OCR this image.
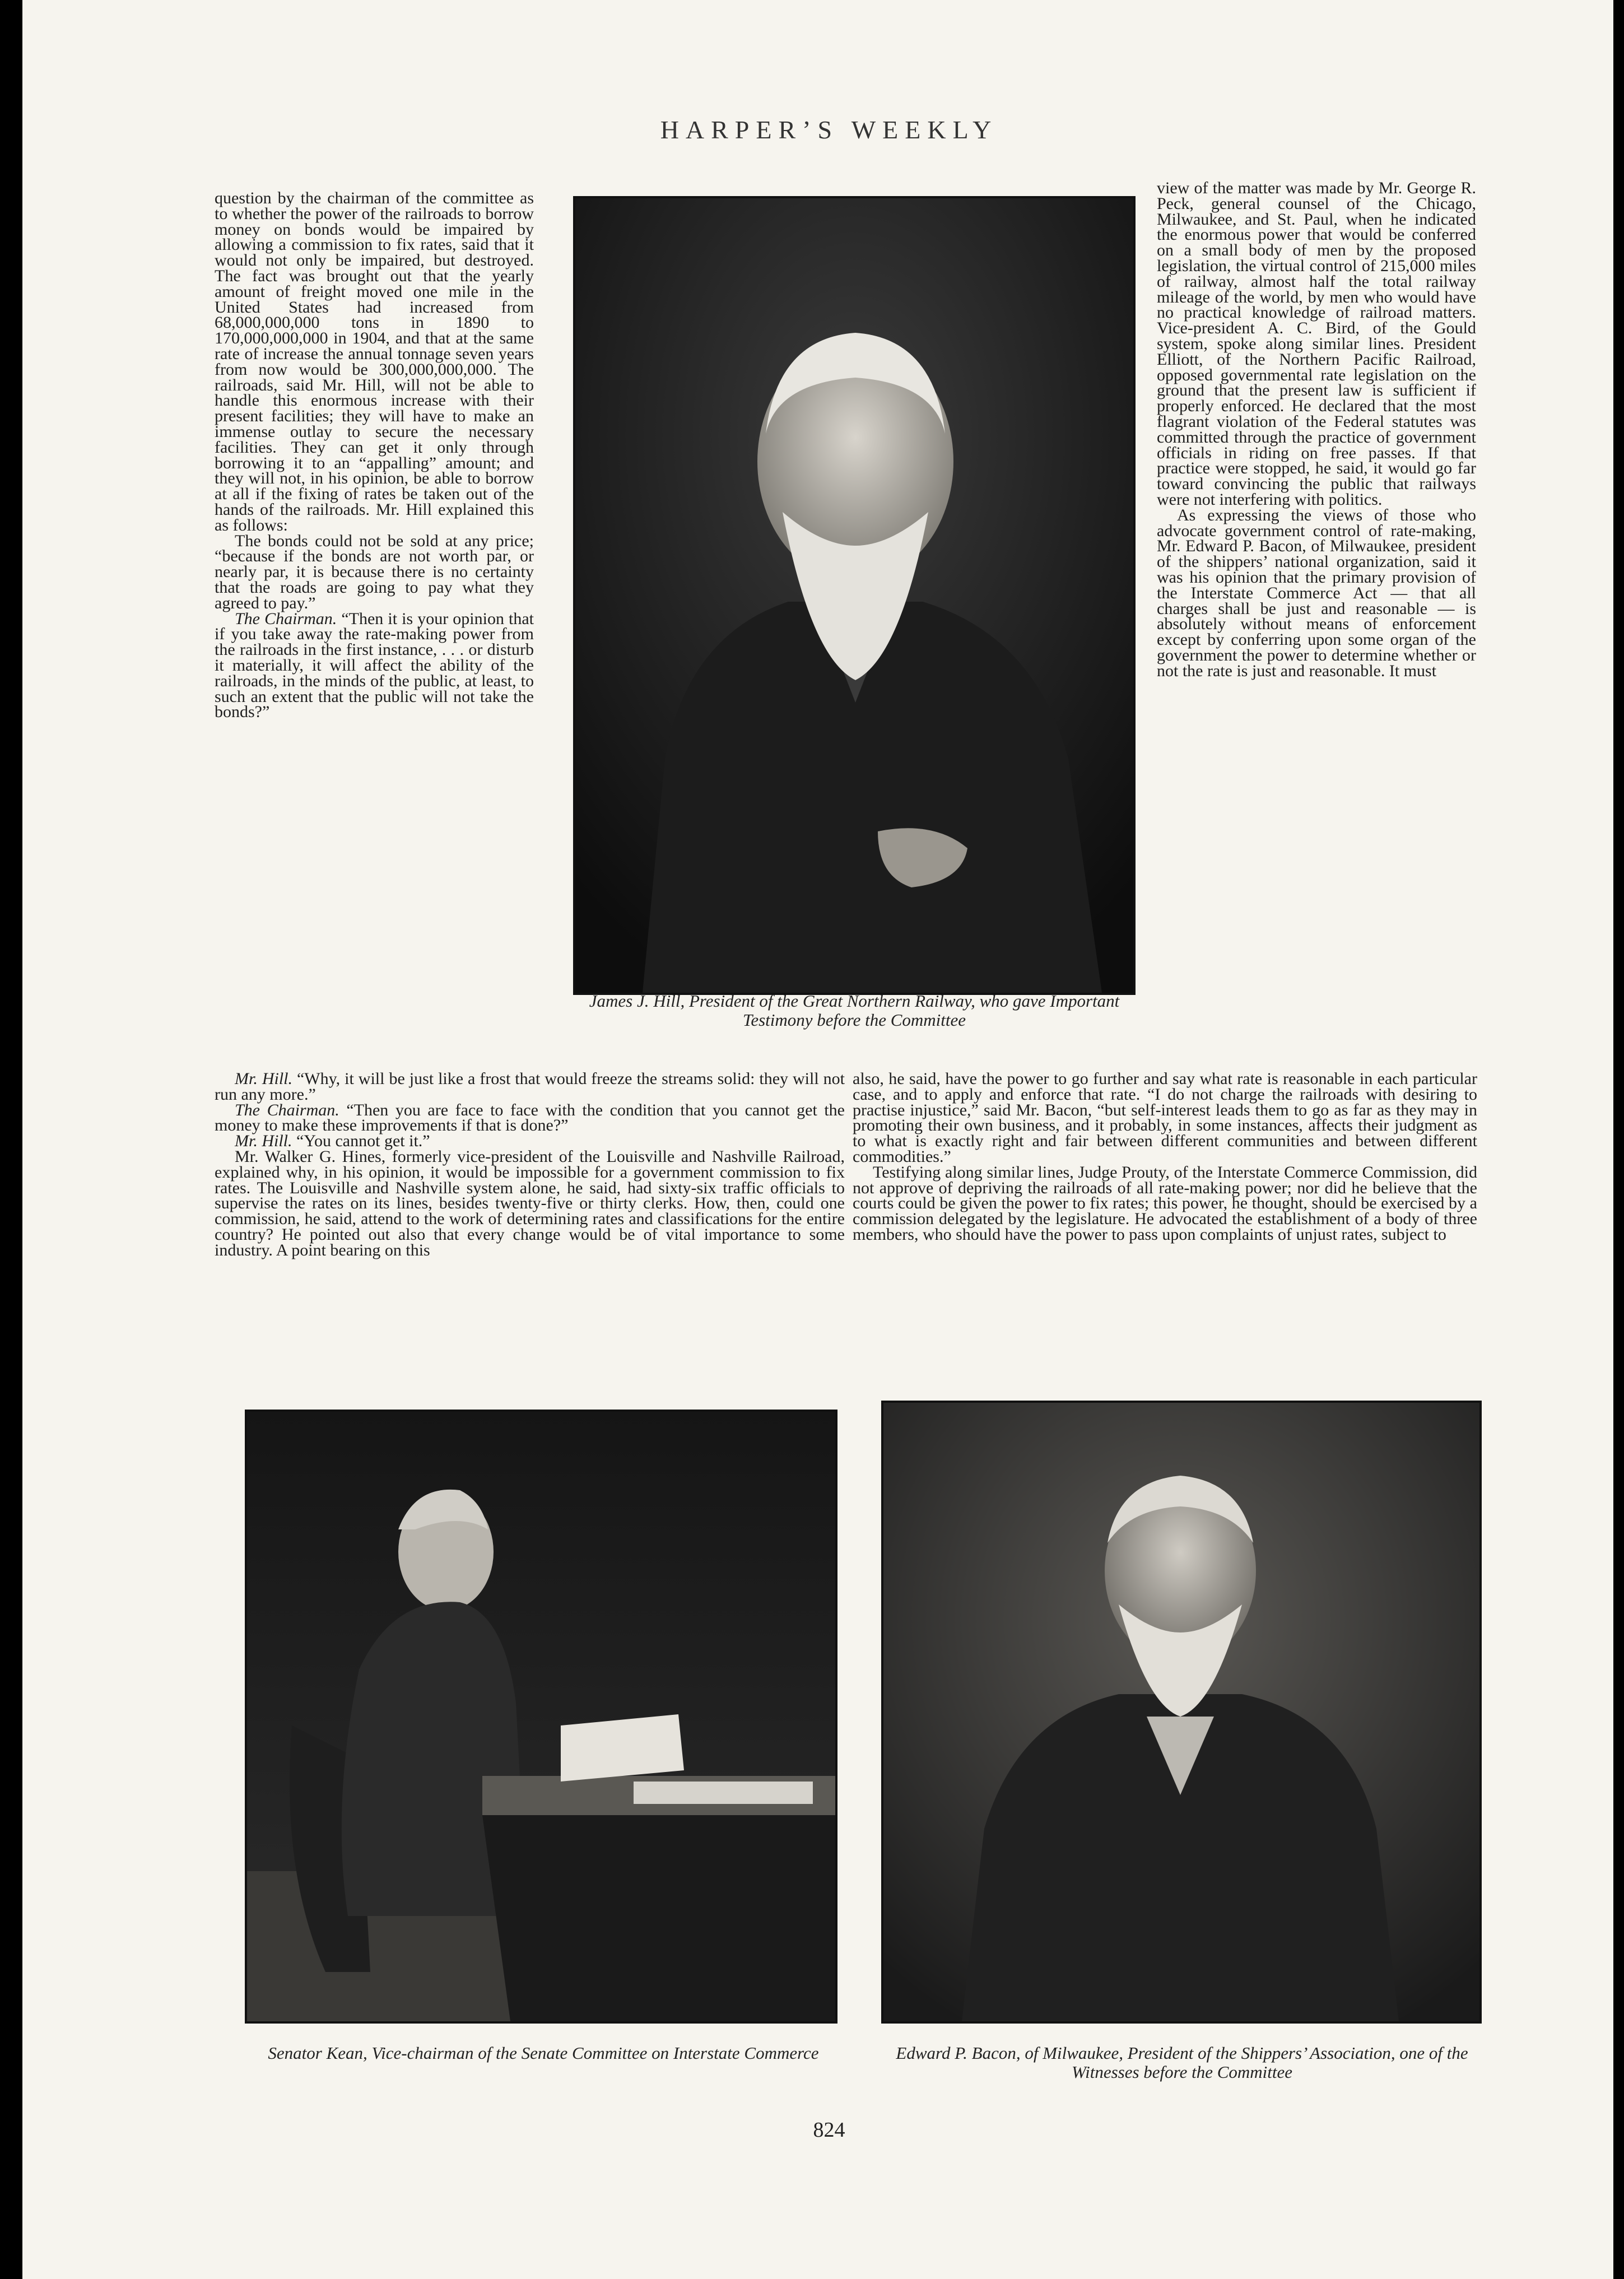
HARPER’S WEEKLY

question by the chairman of the committee as to whether the power of the railroads to borrow money on bonds would be impaired by allowing a commission to fix rates, said that it would not only be impaired, but destroyed. The fact was brought out that the yearly amount of freight moved one mile in the United States had increased from 68,000,000,000 tons in 1890 to 170,000,000,000 in 1904, and that at the same rate of increase the annual tonnage seven years from now would be 300,000,000,000. The railroads, said Mr. Hill, will not be able to handle this enormous increase with their present facilities; they will have to make an immense outlay to secure the necessary facilities. They can get it only through borrowing it to an “appalling” amount; and they will not, in his opinion, be able to borrow at all if the fixing of rates be taken out of the hands of the railroads. Mr. Hill explained this as follows:

The bonds could not be sold at any price; “because if the bonds are not worth par, or nearly par, it is because there is no certainty that the roads are going to pay what they agreed to pay.”

The Chairman. “Then it is your opinion that if you take away the rate-making power from the railroads in the first instance, . . . or disturb it materially, it will affect the ability of the railroads, in the minds of the public, at least, to such an extent that the public will not take the bonds?”

view of the matter was made by Mr. George R. Peck, general counsel of the Chicago, Milwaukee, and St. Paul, when he indicated the enormous power that would be conferred on a small body of men by the proposed legislation, the virtual control of 215,000 miles of railway, almost half the total railway mileage of the world, by men who would have no practical knowledge of railroad matters. Vice-president A. C. Bird, of the Gould system, spoke along similar lines. President Elliott, of the Northern Pacific Railroad, opposed governmental rate legislation on the ground that the present law is sufficient if properly enforced. He declared that the most flagrant violation of the Federal statutes was committed through the practice of government officials in riding on free passes. If that practice were stopped, he said, it would go far toward convincing the public that railways were not interfering with politics.

As expressing the views of those who advocate government control of rate-making, Mr. Edward P. Bacon, of Milwaukee, president of the shippers’ national organization, said it was his opinion that the primary provision of the Interstate Commerce Act — that all charges shall be just and reasonable — is absolutely without means of enforcement except by conferring upon some organ of the government the power to determine whether or not the rate is just and reasonable. It must

Mr. Hill. “Why, it will be just like a frost that would freeze the streams solid: they will not run any more.”

The Chairman. “Then you are face to face with the condition that you cannot get the money to make these improvements if that is done?”

Mr. Hill. “You cannot get it.”

Mr. Walker G. Hines, formerly vice-president of the Louisville and Nashville Railroad, explained why, in his opinion, it would be impossible for a government commission to fix rates. The Louisville and Nashville system alone, he said, had sixty-six traffic officials to supervise the rates on its lines, besides twenty-five or thirty clerks. How, then, could one commission, he said, attend to the work of determining rates and classifications for the entire country? He pointed out also that every change would be of vital importance to some industry. A point bearing on this

also, he said, have the power to go further and say what rate is reasonable in each particular case, and to apply and enforce that rate. “I do not charge the railroads with desiring to practise injustice,” said Mr. Bacon, “but self-interest leads them to go as far as they may in promoting their own business, and it probably, in some instances, affects their judgment as to what is exactly right and fair between different communities and between different commodities.”

Testifying along similar lines, Judge Prouty, of the Interstate Commerce Commission, did not approve of depriving the railroads of all rate-making power; nor did he believe that the courts could be given the power to fix rates; this power, he thought, should be exercised by a commission delegated by the legislature. He advocated the establishment of a body of three members, who should have the power to pass upon complaints of unjust rates, subject to

James J. Hill, President of the Great Northern Railway, who gave Important Testimony before the Committee
Senator Kean, Vice-chairman of the Senate Committee on Interstate Commerce	Edward P. Bacon, of Milwaukee, President of the Shippers’ Association, one of the Witnesses before the Committee
824
